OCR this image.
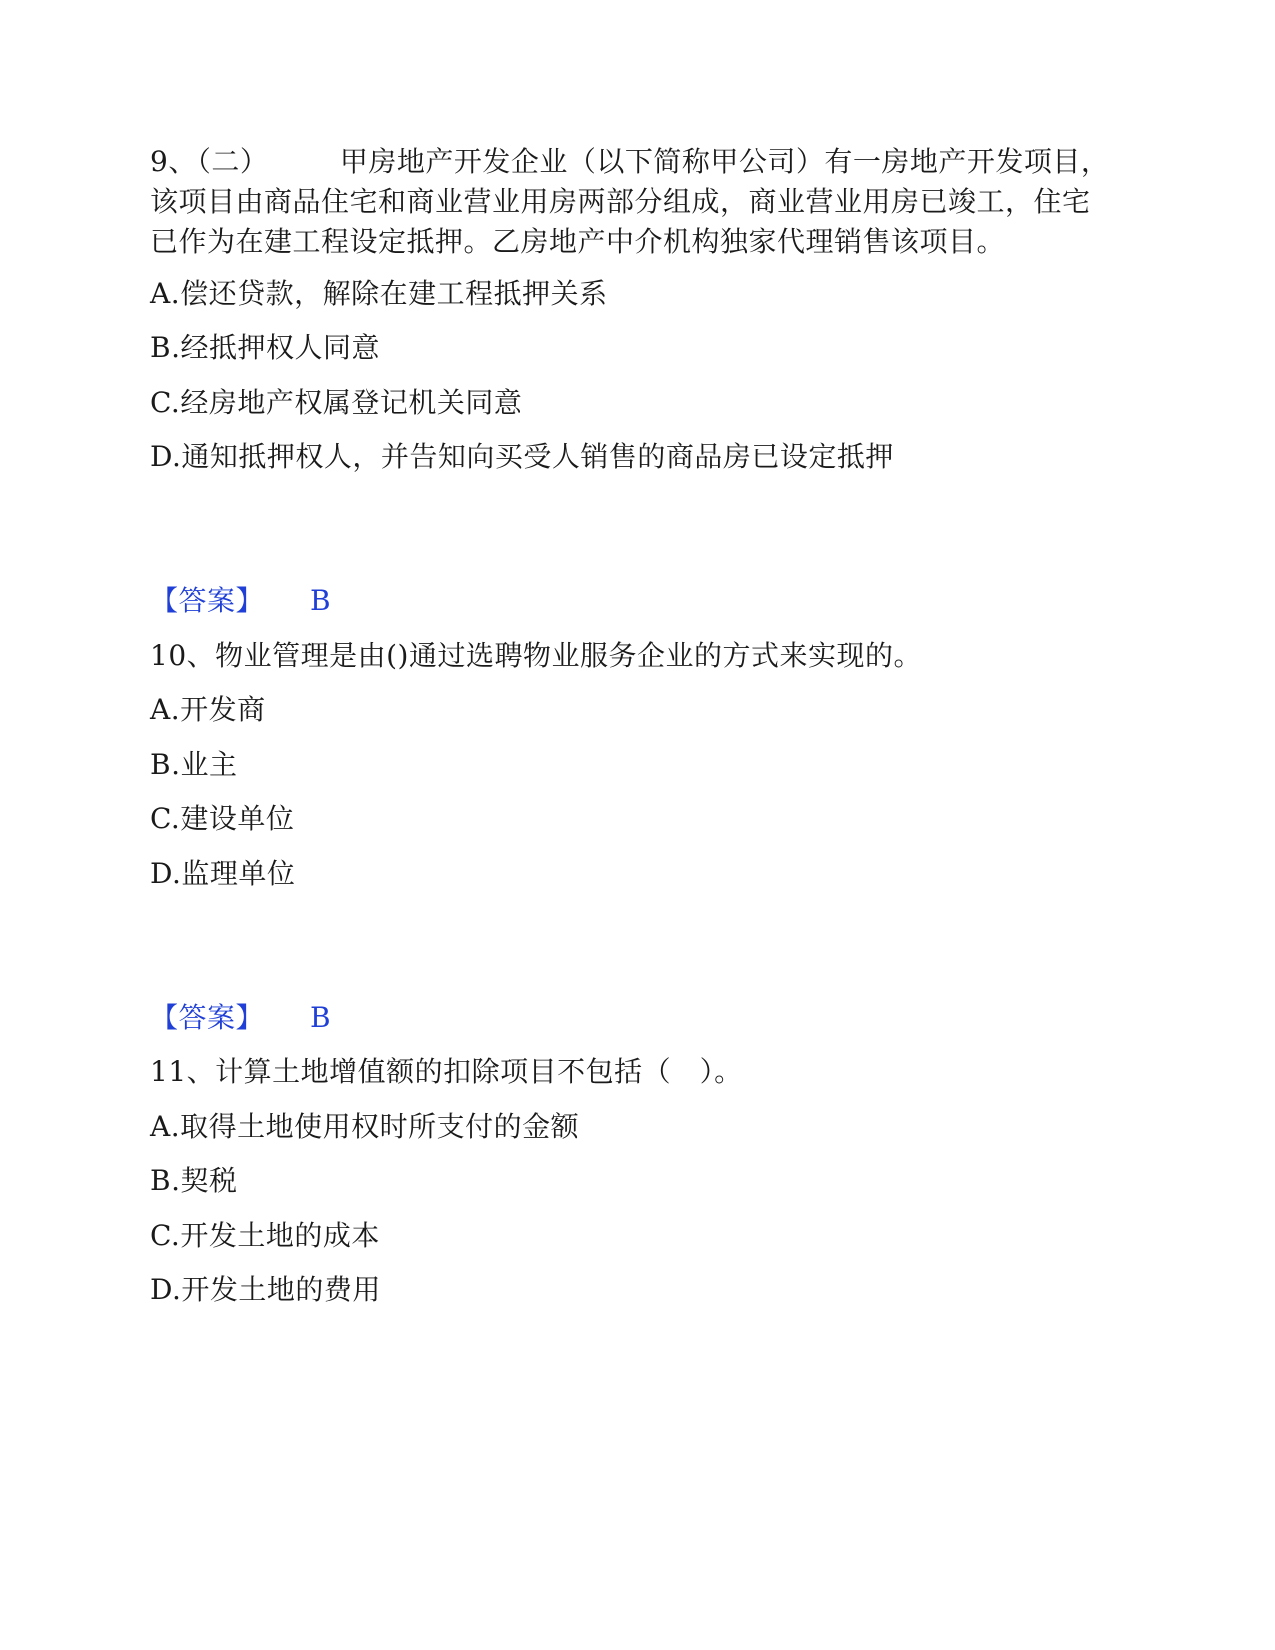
9、（二）　　　甲房地产开发企业（以下简称甲公司）有一房地产开发项目，该项目由商品住宅和商业营业用房两部分组成，商业营业用房已竣工，住宅已作为在建工程设定抵押。乙房地产中介机构独家代理销售该项目。
A.偿还贷款，解除在建工程抵押关系
B.经抵押权人同意
C.经房地产权属登记机关同意
D.通知抵押权人，并告知向买受人销售的商品房已设定抵押
【答案】 B
10、物业管理是由()通过选聘物业服务企业的方式来实现的。
A.开发商
B.业主
C.建设单位
D.监理单位
【答案】 B
11、计算土地增值额的扣除项目不包括（　）。
A.取得土地使用权时所支付的金额
B.契税
C.开发土地的成本
D.开发土地的费用
